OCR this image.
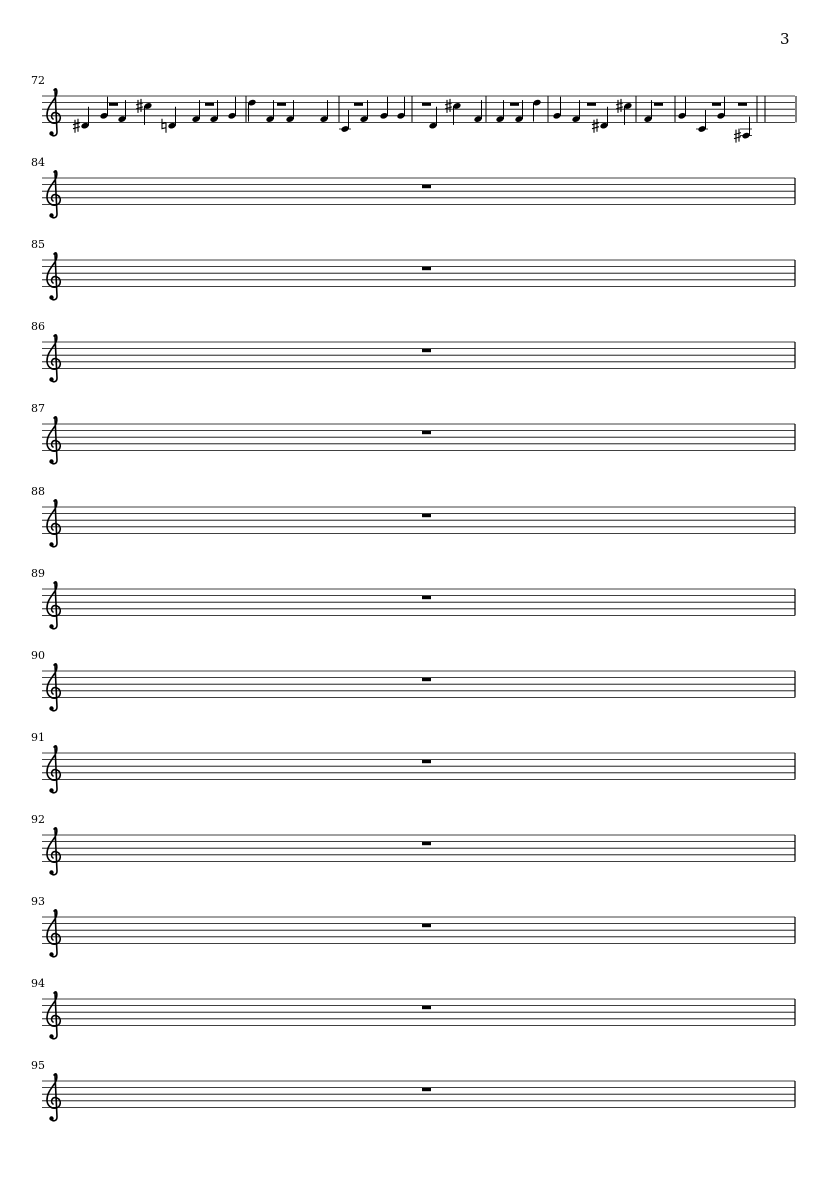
3
72
84
85
86
87
88
89
90
91
92
93
94
95
